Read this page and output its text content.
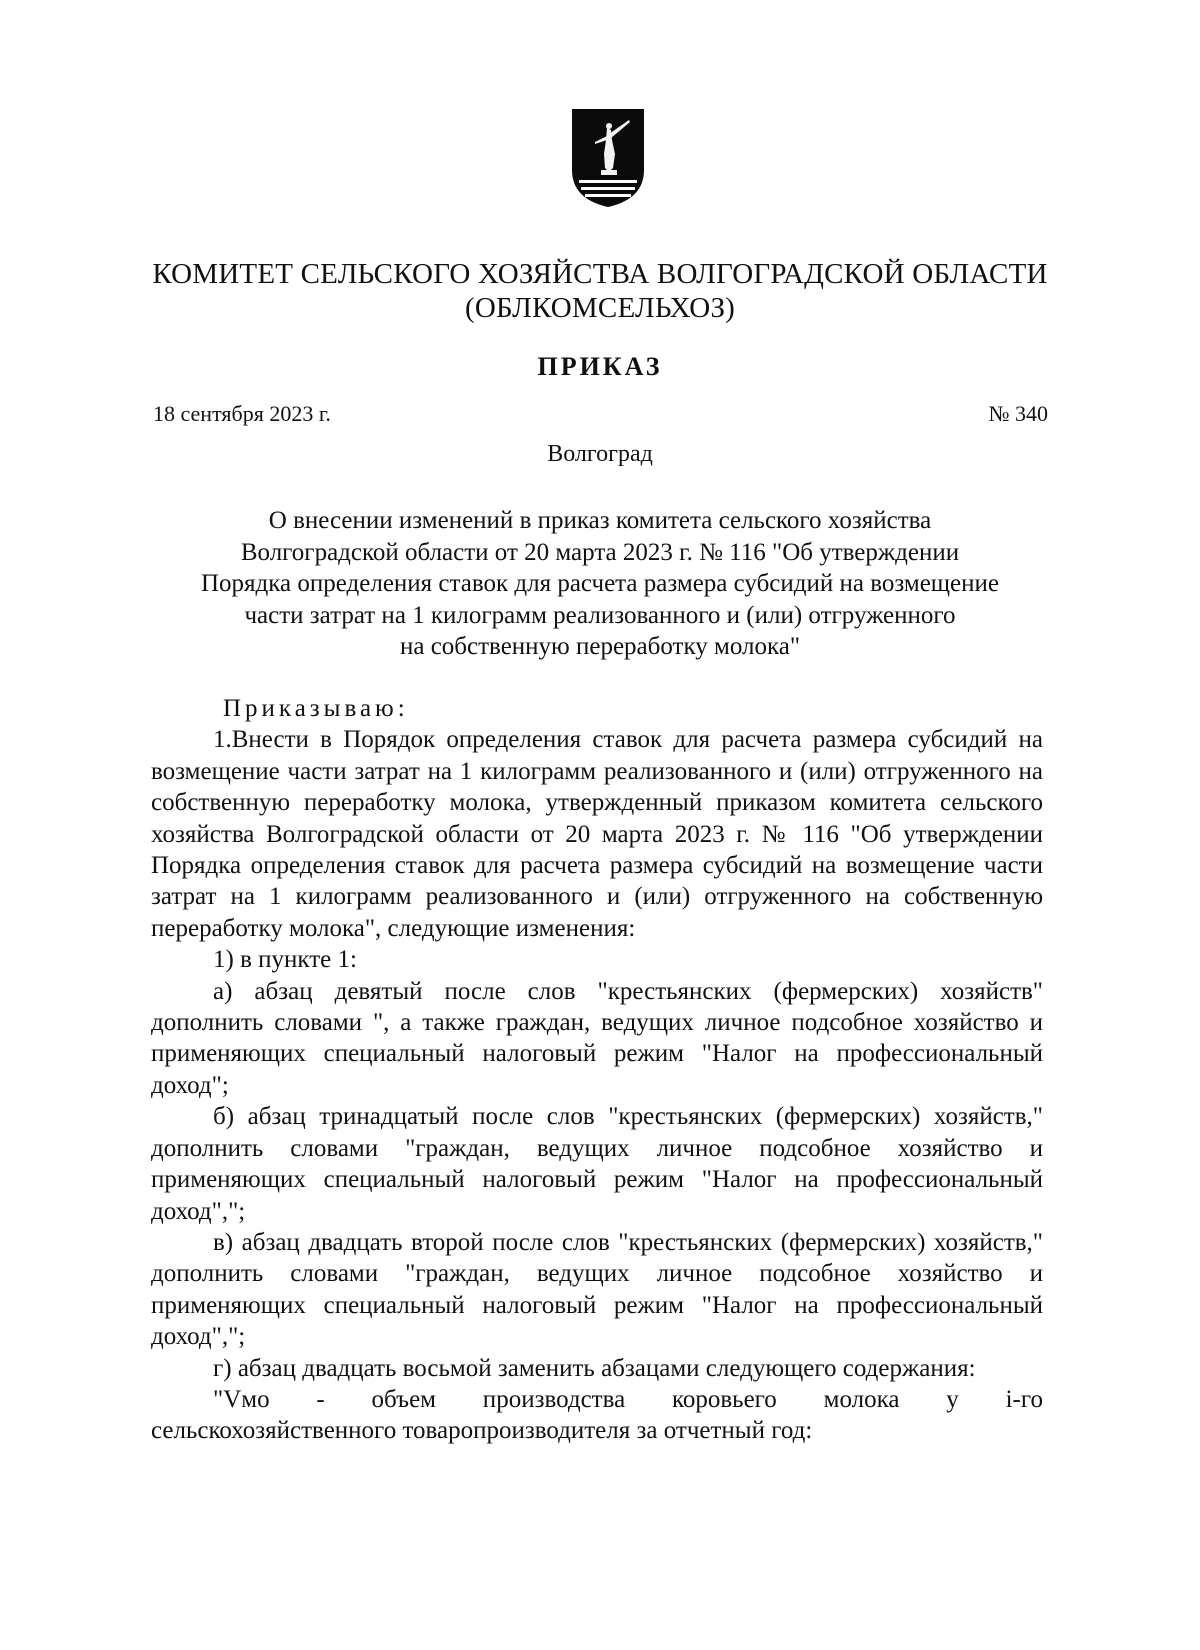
КОМИТЕТ СЕЛЬСКОГО ХОЗЯЙСТВА ВОЛГОГРАДСКОЙ ОБЛАСТИ
(ОБЛКОМСЕЛЬХОЗ)
ПРИКАЗ
18 сентября 2023 г.	№ 340
Волгоград
О внесении изменений в приказ комитета сельского хозяйства
Волгоградской области от 20 марта 2023 г. № 116 "Об утверждении
Порядка определения ставок для расчета размера субсидий на возмещение
части затрат на 1 килограмм реализованного и (или) отгруженного
на собственную переработку молока"

Приказываю:

1.Внести в Порядок определения ставок для расчета размера субсидий на возмещение части затрат на 1 килограмм реализованного и (или) отгруженного на собственную переработку молока, утвержденный приказом комитета сельского хозяйства Волгоградской области от 20 марта 2023 г. № 116 "Об утверждении Порядка определения ставок для расчета размера субсидий на возмещение части затрат на 1 килограмм реализованного и (или) отгруженного на собственную переработку молока", следующие изменения:

1) в пункте 1:

а) абзац девятый после слов "крестьянских (фермерских) хозяйств" дополнить словами ", а также граждан, ведущих личное подсобное хозяйство и применяющих специальный налоговый режим "Налог на профессиональный доход";

б) абзац тринадцатый после слов "крестьянских (фермерских) хозяйств," дополнить словами "граждан, ведущих личное подсобное хозяйство и применяющих специальный налоговый режим "Налог на профессиональный доход",";

в) абзац двадцать второй после слов "крестьянских (фермерских) хозяйств," дополнить словами "граждан, ведущих личное подсобное хозяйство и применяющих специальный налоговый режим "Налог на профессиональный доход",";

г) абзац двадцать восьмой заменить абзацами следующего содержания:

"Vмо - объем производства коровьего молока у i-го сельскохозяйственного товаропроизводителя за отчетный год:
